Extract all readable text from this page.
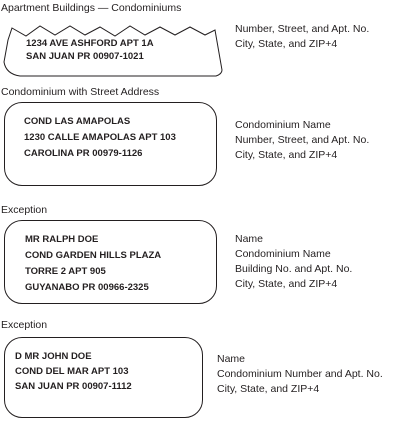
Apartment Buildings — Condominiums
1234 AVE ASHFORD APT 1A
SAN JUAN PR 00907-1021
Number, Street, and Apt. No.
City, State, and ZIP+4
Condominium with Street Address
COND LAS AMAPOLAS
1230 CALLE AMAPOLAS APT 103
CAROLINA PR 00979-1126
Condominium Name
Number, Street, and Apt. No.
City, State, and ZIP+4
Exception
MR RALPH DOE
COND GARDEN HILLS PLAZA
TORRE 2 APT 905
GUYANABO PR 00966-2325
Name
Condominium Name
Building No. and Apt. No.
City, State, and ZIP+4
Exception
D MR JOHN DOE
COND DEL MAR APT 103
SAN JUAN PR 00907-1112
Name
Condominium Number and Apt. No.
City, State, and ZIP+4
